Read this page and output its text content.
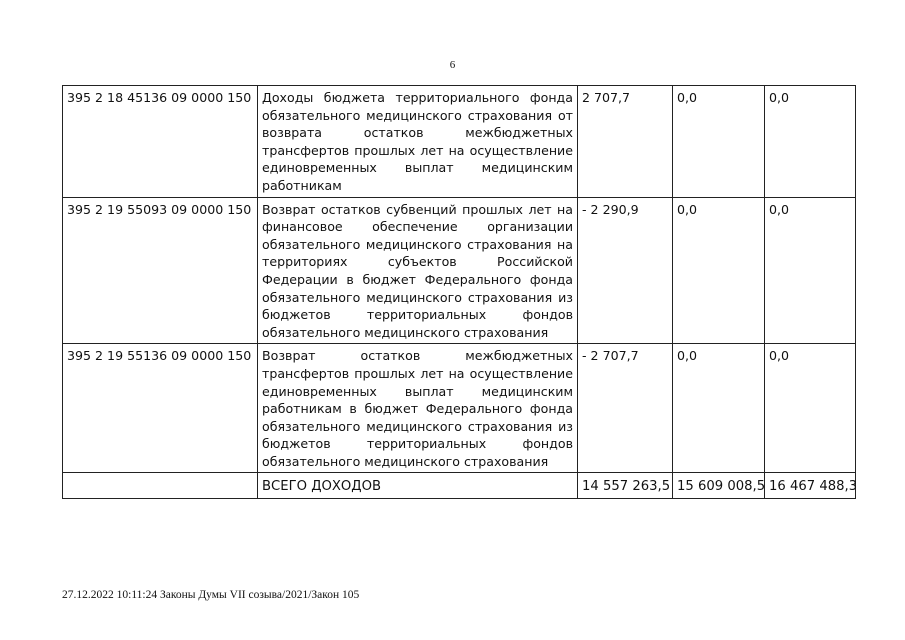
6
395 2 18 45136 09 0000 150	Доходы бюджета территориального фонда обязательного медицинского страхования от возврата остатков межбюджетных трансфертов прошлых лет на осуществление единовременных выплат медицинским работникам	2 707,7	0,0	0,0
395 2 19 55093 09 0000 150	Возврат остатков субвенций прошлых лет на финансовое обеспечение организации обязательного медицинского страхования на территориях субъектов Российской Федерации в бюджет Федерального фонда обязательного медицинского страхования из бюджетов территориальных фондов обязательного медицинского страхования	- 2 290,9	0,0	0,0
395 2 19 55136 09 0000 150	Возврат остатков межбюджетных трансфертов прошлых лет на осуществление единовременных выплат медицинским работникам в бюджет Федерального фонда обязательного медицинского страхования из бюджетов территориальных фондов обязательного медицинского страхования	- 2 707,7	0,0	0,0
	ВСЕГО ДОХОДОВ	14 557 263,5	15 609 008,5	16 467 488,3
27.12.2022 10:11:24 Законы Думы VII созыва/2021/Закон 105
